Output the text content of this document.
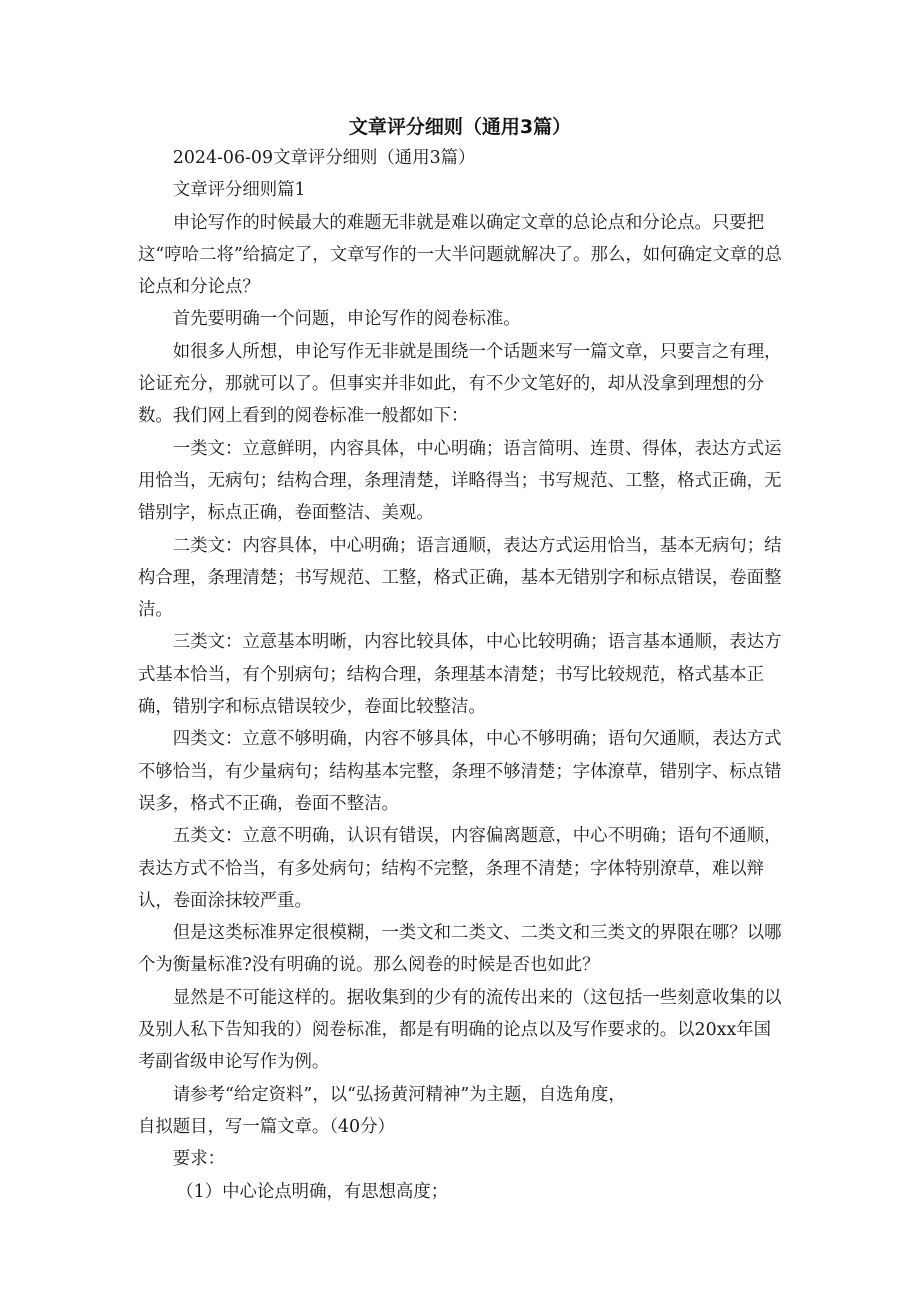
文章评分细则（通用3篇）

2024-06-09文章评分细则（通用3篇）

文章评分细则篇1

申论写作的时候最大的难题无非就是难以确定文章的总论点和分论点。只要把这“哼哈二将”给搞定了，文章写作的一大半问题就解决了。那么，如何确定文章的总论点和分论点？

首先要明确一个问题，申论写作的阅卷标准。

如很多人所想，申论写作无非就是围绕一个话题来写一篇文章，只要言之有理，论证充分，那就可以了。但事实并非如此，有不少文笔好的，却从没拿到理想的分数。我们网上看到的阅卷标准一般都如下：

一类文：立意鲜明，内容具体，中心明确；语言简明、连贯、得体，表达方式运用恰当，无病句；结构合理，条理清楚，详略得当；书写规范、工整，格式正确，无错别字，标点正确，卷面整洁、美观。

二类文：内容具体，中心明确；语言通顺，表达方式运用恰当，基本无病句；结构合理，条理清楚；书写规范、工整，格式正确，基本无错别字和标点错误，卷面整洁。

三类文：立意基本明晰，内容比较具体，中心比较明确；语言基本通顺，表达方式基本恰当，有个别病句；结构合理，条理基本清楚；书写比较规范，格式基本正确，错别字和标点错误较少，卷面比较整洁。

四类文：立意不够明确，内容不够具体，中心不够明确；语句欠通顺，表达方式不够恰当，有少量病句；结构基本完整，条理不够清楚；字体潦草，错别字、标点错误多，格式不正确，卷面不整洁。

五类文：立意不明确，认识有错误，内容偏离题意，中心不明确；语句不通顺，表达方式不恰当，有多处病句；结构不完整，条理不清楚；字体特别潦草，难以辩认，卷面涂抹较严重。

但是这类标准界定很模糊，一类文和二类文、二类文和三类文的界限在哪？以哪个为衡量标准?没有明确的说。那么阅卷的时候是否也如此？

显然是不可能这样的。据收集到的少有的流传出来的（这包括一些刻意收集的以及别人私下告知我的）阅卷标准，都是有明确的论点以及写作要求的。以20xx年国考副省级申论写作为例。

请参考“给定资料”，以“弘扬黄河精神”为主题，自选角度，

自拟题目，写一篇文章。（40分）

要求：

（1）中心论点明确，有思想高度；
